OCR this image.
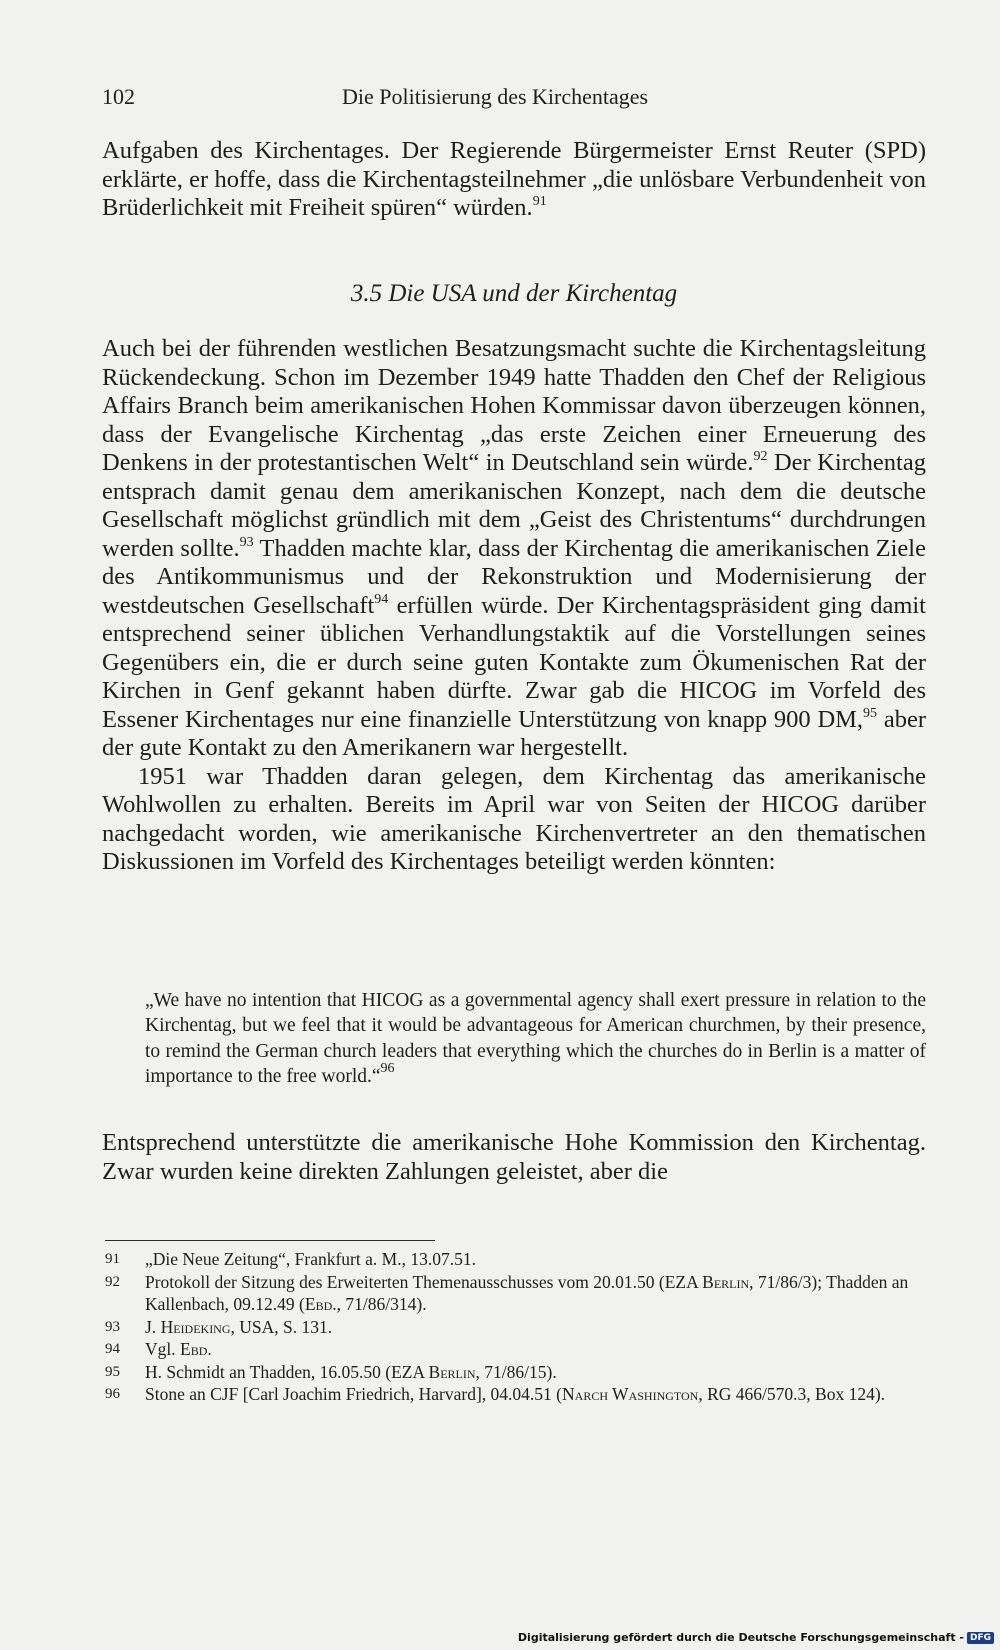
102	Die Politisierung des Kirchentages

Aufgaben des Kirchentages. Der Regierende Bürgermeister Ernst Reuter (SPD) erklärte, er hoffe, dass die Kirchentagsteilnehmer „die unlösbare Verbundenheit von Brüderlichkeit mit Freiheit spüren“ würden.$^{91}$

3.5 Die USA und der Kirchentag

Auch bei der führenden westlichen Besatzungsmacht suchte die Kirchentagsleitung Rückendeckung. Schon im Dezember 1949 hatte Thadden den Chef der Religious Affairs Branch beim amerikanischen Hohen Kommissar davon überzeugen können, dass der Evangelische Kirchentag „das erste Zeichen einer Erneuerung des Denkens in der protestantischen Welt“ in Deutschland sein würde.$^{92}$ Der Kirchentag entsprach damit genau dem amerikanischen Konzept, nach dem die deutsche Gesellschaft möglichst gründlich mit dem „Geist des Christentums“ durchdrungen werden sollte.$^{93}$ Thadden machte klar, dass der Kirchentag die amerikanischen Ziele des Antikommunismus und der Rekonstruktion und Modernisierung der westdeutschen Gesellschaft$^{94}$ erfüllen würde. Der Kirchentagspräsident ging damit entsprechend seiner üblichen Verhandlungstaktik auf die Vorstellungen seines Gegenübers ein, die er durch seine guten Kontakte zum Ökumenischen Rat der Kirchen in Genf gekannt haben dürfte. Zwar gab die HICOG im Vorfeld des Essener Kirchentages nur eine finanzielle Unterstützung von knapp 900 DM,$^{95}$ aber der gute Kontakt zu den Amerikanern war hergestellt.

1951 war Thadden daran gelegen, dem Kirchentag das amerikanische Wohlwollen zu erhalten. Bereits im April war von Seiten der HICOG darüber nachgedacht worden, wie amerikanische Kirchenvertreter an den thematischen Diskussionen im Vorfeld des Kirchentages beteiligt werden könnten:

„We have no intention that HICOG as a governmental agency shall exert pressure in relation to the Kirchentag, but we feel that it would be advantageous for American churchmen, by their presence, to remind the German church leaders that everything which the churches do in Berlin is a matter of importance to the free world.“$^{96}$

Entsprechend unterstützte die amerikanische Hohe Kommission den Kirchentag. Zwar wurden keine direkten Zahlungen geleistet, aber die

91 „Die Neue Zeitung“, Frankfurt a. M., 13.07.51.
92 Protokoll der Sitzung des Erweiterten Themenausschusses vom 20.01.50 (EZA Berlin, 71/86/3); Thadden an Kallenbach, 09.12.49 (Ebd., 71/86/314).
93 J. Heideking, USA, S. 131.
94 Vgl. Ebd.
95 H. Schmidt an Thadden, 16.05.50 (EZA Berlin, 71/86/15).
96 Stone an CJF [Carl Joachim Friedrich, Harvard], 04.04.51 (Narch Washington, RG 466/570.3, Box 124).
Digitalisierung gefördert durch die Deutsche Forschungsgemeinschaft - DFG
